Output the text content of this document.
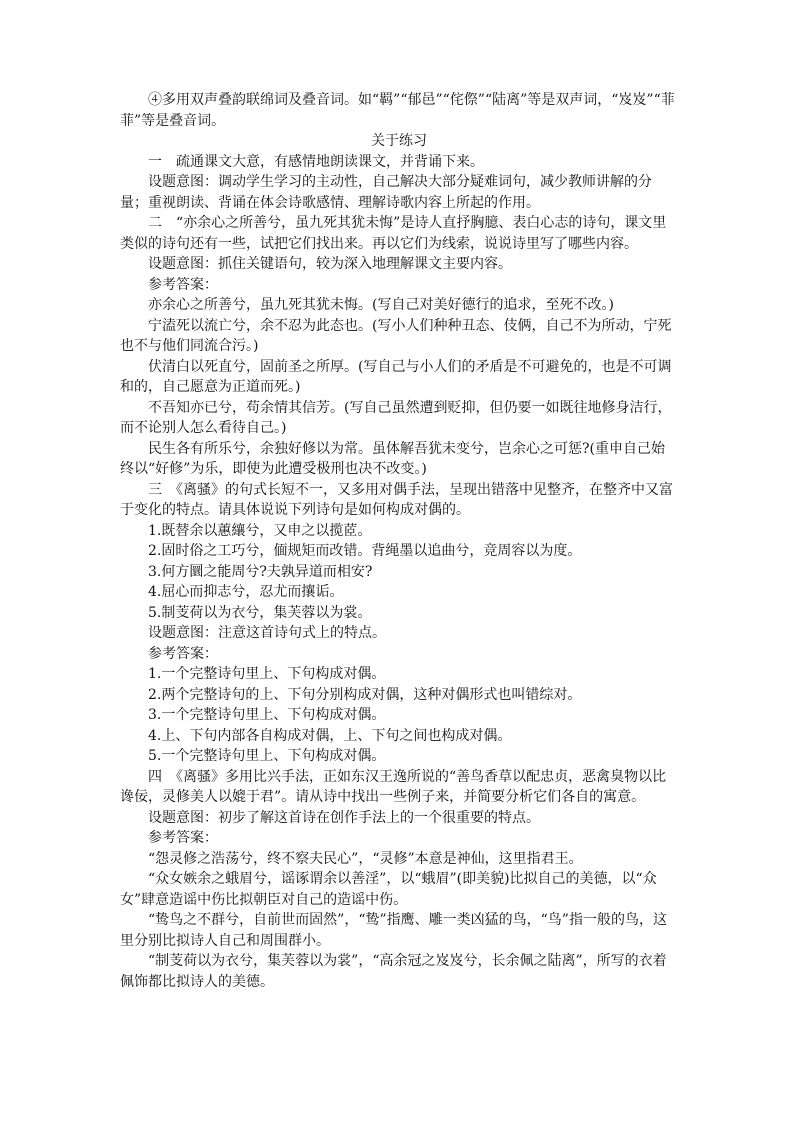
④多用双声叠韵联绵词及叠音词。如“羁”“郁邑”“侘傺”“陆离”等是双声词，“岌岌”“菲菲”等是叠音词。

关于练习

一　疏通课文大意，有感情地朗读课文，并背诵下来。

设题意图：调动学生学习的主动性，自己解决大部分疑难词句，减少教师讲解的分量；重视朗读、背诵在体会诗歌感情、理解诗歌内容上所起的作用。

二　“亦余心之所善兮，虽九死其犹未悔”是诗人直抒胸臆、表白心志的诗句，课文里类似的诗句还有一些，试把它们找出来。再以它们为线索，说说诗里写了哪些内容。

设题意图：抓住关键语句，较为深入地理解课文主要内容。

参考答案：

亦余心之所善兮，虽九死其犹未悔。(写自己对美好德行的追求，至死不改。)

宁溘死以流亡兮，余不忍为此态也。(写小人们种种丑态、伎俩，自己不为所动，宁死也不与他们同流合污。)

伏清白以死直兮，固前圣之所厚。(写自己与小人们的矛盾是不可避免的，也是不可调和的，自己愿意为正道而死。)

不吾知亦已兮，苟余情其信芳。(写自己虽然遭到贬抑，但仍要一如既往地修身洁行，而不论别人怎么看待自己。)

民生各有所乐兮，余独好修以为常。虽体解吾犹未变兮，岂余心之可惩?(重申自己始终以“好修”为乐，即使为此遭受极刑也决不改变。)

三　《离骚》的句式长短不一，又多用对偶手法，呈现出错落中见整齐，在整齐中又富于变化的特点。请具体说说下列诗句是如何构成对偶的。

1.既替余以蕙纕兮，又申之以揽茝。

2.固时俗之工巧兮，偭规矩而改错。背绳墨以追曲兮，竞周容以为度。

3.何方圜之能周兮?夫孰异道而相安?

4.屈心而抑志兮，忍尤而攘诟。

5.制芰荷以为衣兮，集芙蓉以为裳。

设题意图：注意这首诗句式上的特点。

参考答案：

1.一个完整诗句里上、下句构成对偶。

2.两个完整诗句的上、下句分别构成对偶，这种对偶形式也叫错综对。

3.一个完整诗句里上、下句构成对偶。

4.上、下句内部各自构成对偶，上、下句之间也构成对偶。

5.一个完整诗句里上、下句构成对偶。

四　《离骚》多用比兴手法，正如东汉王逸所说的“善鸟香草以配忠贞，恶禽臭物以比谗佞，灵修美人以媲于君”。请从诗中找出一些例子来，并简要分析它们各自的寓意。

设题意图：初步了解这首诗在创作手法上的一个很重要的特点。

参考答案：

“怨灵修之浩荡兮，终不察夫民心”，“灵修”本意是神仙，这里指君王。

“众女嫉余之蛾眉兮，谣诼谓余以善淫”，以“蛾眉”(即美貌)比拟自己的美德，以“众女”肆意造谣中伤比拟朝臣对自己的造谣中伤。

“鸷鸟之不群兮，自前世而固然”，“鸷”指鹰、雕一类凶猛的鸟，“鸟”指一般的鸟，这里分别比拟诗人自己和周围群小。

“制芰荷以为衣兮，集芙蓉以为裳”，“高余冠之岌岌兮，长余佩之陆离”，所写的衣着佩饰都比拟诗人的美德。
